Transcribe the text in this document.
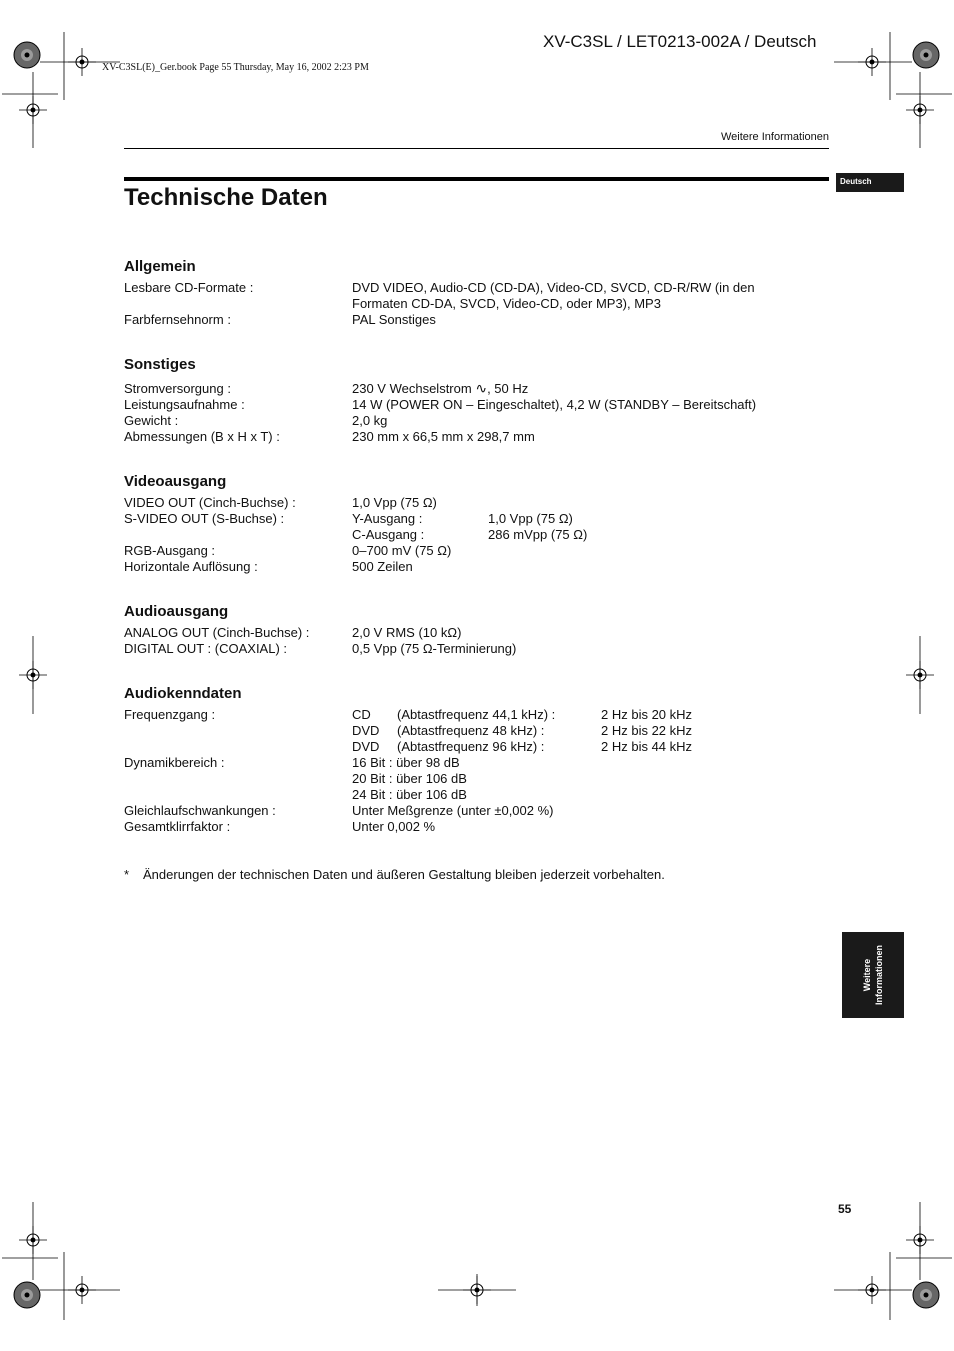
XV-C3SL / LET0213-002A / Deutsch
XV-C3SL(E)_Ger.book Page 55 Thursday, May 16, 2002 2:23 PM
Weitere Informationen
Deutsch
Technische Daten
Allgemein
Lesbare CD-Formate :	DVD VIDEO, Audio-CD (CD-DA), Video-CD, SVCD, CD-R/RW (in den
Formaten CD-DA, SVCD, Video-CD, oder MP3), MP3
Farbfernsehnorm :	PAL Sonstiges
Sonstiges
Stromversorgung :	230 V Wechselstrom ∿, 50 Hz
Leistungsaufnahme :	14 W (POWER ON – Eingeschaltet), 4,2 W (STANDBY – Bereitschaft)
Gewicht :	2,0 kg
Abmessungen (B x H x T) :	230 mm x 66,5 mm x 298,7 mm
Videoausgang
VIDEO OUT (Cinch-Buchse) :	1,0 Vpp (75 Ω)
S-VIDEO OUT (S-Buchse) :	Y-Ausgang :	1,0 Vpp (75 Ω)
C-Ausgang :	286 mVpp (75 Ω)
RGB-Ausgang :	0–700 mV (75 Ω)
Horizontale Auflösung :	500 Zeilen
Audioausgang
ANALOG OUT (Cinch-Buchse) :	2,0 V RMS (10 kΩ)
DIGITAL OUT : (COAXIAL) :	0,5 Vpp (75 Ω-Terminierung)
Audiokenndaten
Frequenzgang :	CD (Abtastfrequenz 44,1 kHz) :	2 Hz bis 20 kHz
DVD (Abtastfrequenz 48 kHz) :	2 Hz bis 22 kHz
DVD (Abtastfrequenz 96 kHz) :	2 Hz bis 44 kHz
Dynamikbereich :	16 Bit : über 98 dB
20 Bit : über 106 dB
24 Bit : über 106 dB
Gleichlaufschwankungen :	Unter Meßgrenze (unter ±0,002 %)
Gesamtklirrfaktor :	Unter 0,002 %
* Änderungen der technischen Daten und äußeren Gestaltung bleiben jederzeit vorbehalten.
Weitere Informationen
55
